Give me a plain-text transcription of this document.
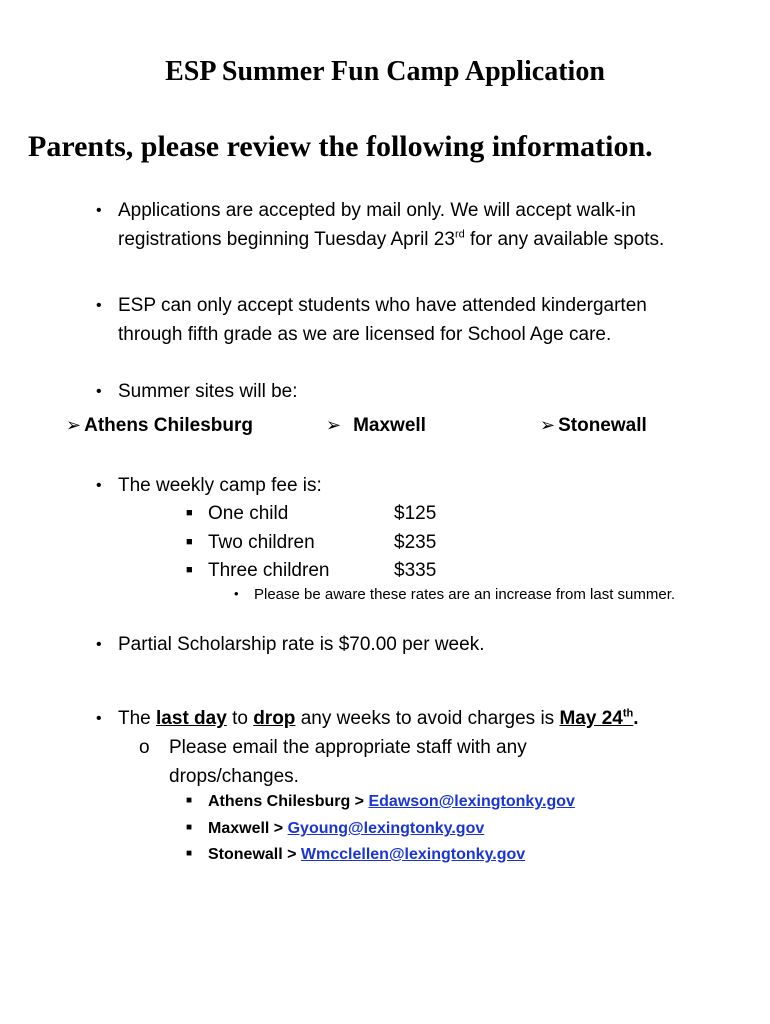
ESP Summer Fun Camp Application
Parents, please review the following information.
• Applications are accepted by mail only. We will accept walk-in
registrations beginning Tuesday April 23rd for any available spots.
• ESP can only accept students who have attended kindergarten
through fifth grade as we are licensed for School Age care.
• Summer sites will be:
➢ Athens Chilesburg	➢ Maxwell	➢ Stonewall
• The weekly camp fee is:
■ One child	$125
■ Two children	$235
■ Three children	$335
• Please be aware these rates are an increase from last summer.
• Partial Scholarship rate is $70.00 per week.
• The last day to drop any weeks to avoid charges is May 24th.
o Please email the appropriate staff with any
drops/changes.
■ Athens Chilesburg > Edawson@lexingtonky.gov
■ Maxwell > Gyoung@lexingtonky.gov
■ Stonewall > Wmcclellen@lexingtonky.gov
